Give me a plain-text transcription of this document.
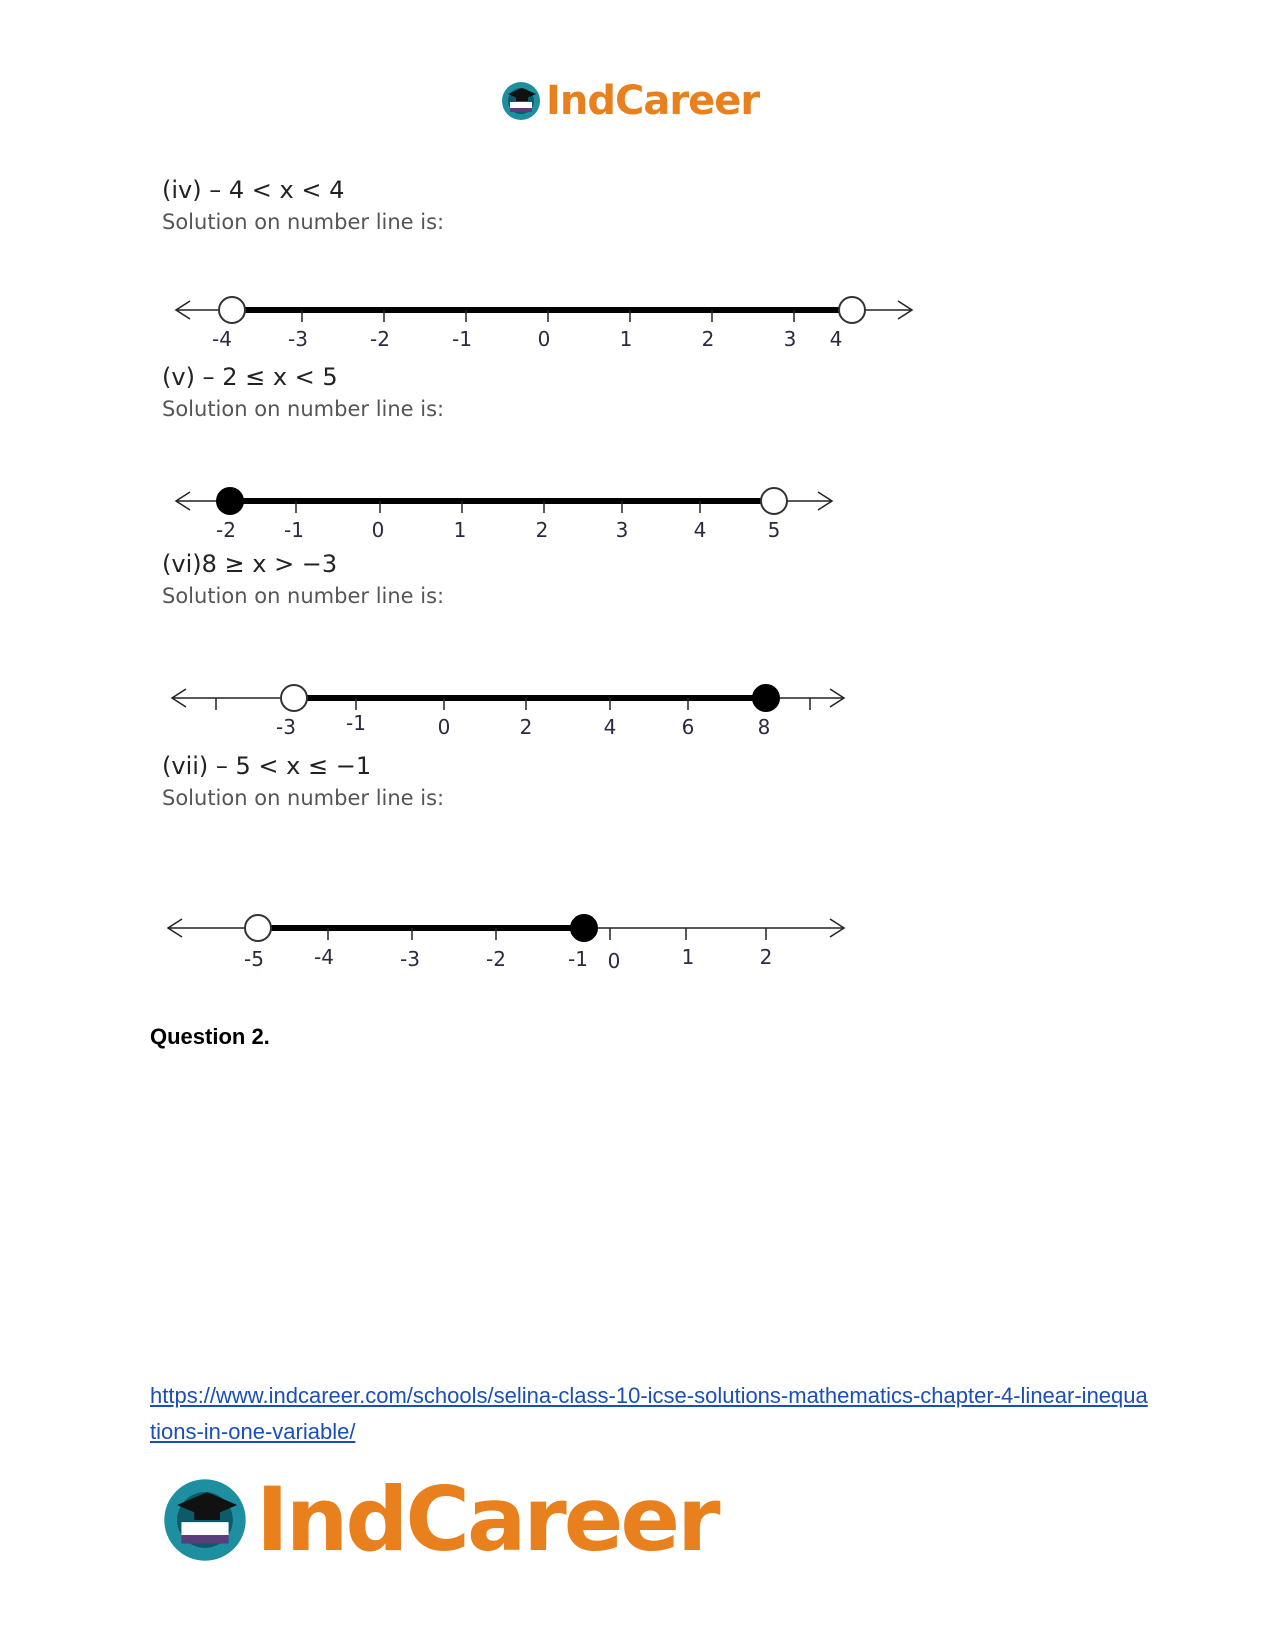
IndCareer
(iv) – 4 < x < 4
Solution on number line is:
-4	-3	-2	-1	0	1	2	3 4
(v) – 2 ≤ x < 5
Solution on number line is:
-2 -1	0	1	2	3	4	5
(vi)8 ≥ x > −3
Solution on number line is:
-3	-1	0	2	4	6	8
(vii) – 5 < x ≤ −1
Solution on number line is:
-5	-4	-3	-2	-1 0	1	2
Question 2.
https://www.indcareer.com/schools/selina-class-10-icse-solutions-mathematics-chapter-4-linear-inequations-in-one-variable/
IndCareer
